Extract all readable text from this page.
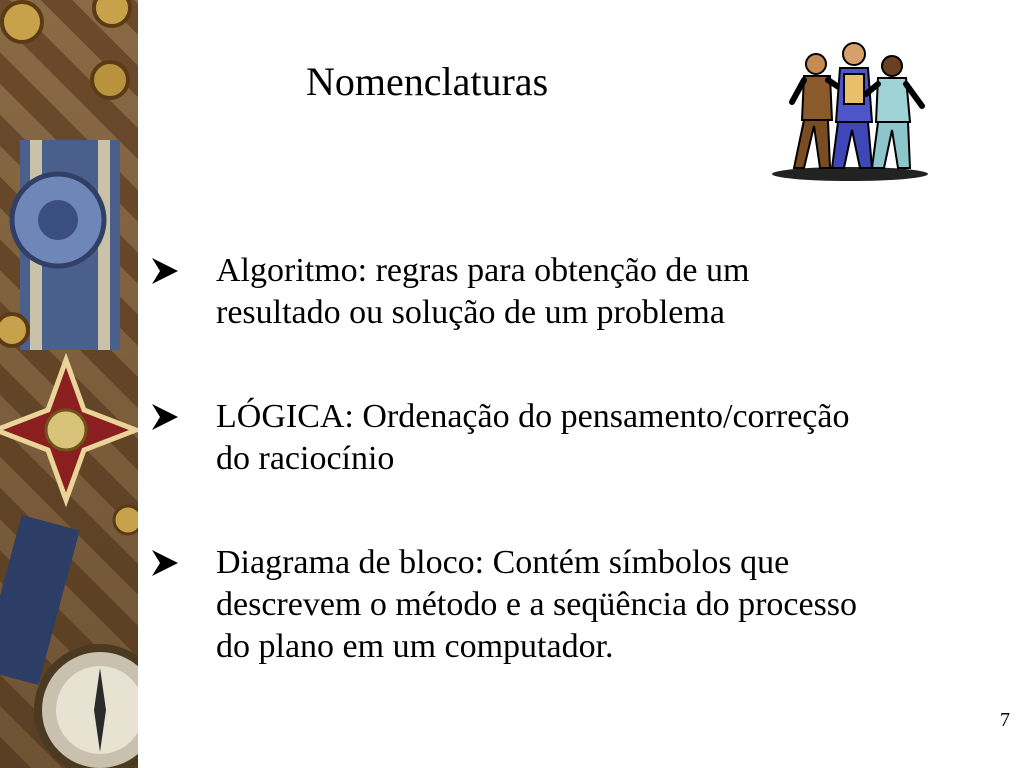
Nomenclaturas
Algoritmo: regras para obtenção de um
resultado ou solução de um problema
LÓGICA: Ordenação do pensamento/correção
do raciocínio
Diagrama de bloco: Contém símbolos que
descrevem o método e a seqüência do processo
do plano em um computador.
7
